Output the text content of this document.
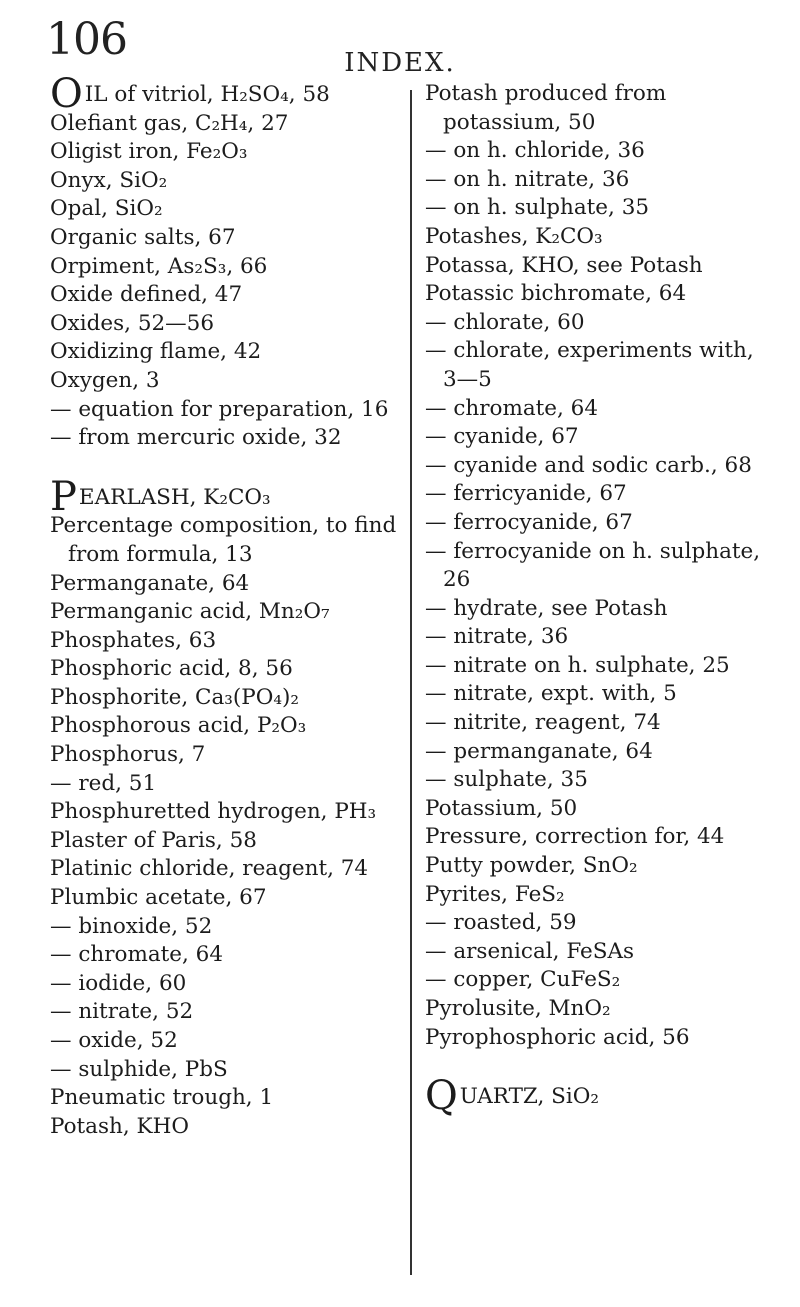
106	INDEX.

OIL of vitriol, H₂SO₄, 58

Olefiant gas, C₂H₄, 27

Oligist iron, Fe₂O₃

Onyx, SiO₂

Opal, SiO₂

Organic salts, 67

Orpiment, As₂S₃, 66

Oxide defined, 47

Oxides, 52—56

Oxidizing flame, 42

Oxygen, 3

— equation for preparation, 16

— from mercuric oxide, 32

PEARLASH, K₂CO₃

Percentage composition, to find from formula, 13

Permanganate, 64

Permanganic acid, Mn₂O₇

Phosphates, 63

Phosphoric acid, 8, 56

Phosphorite, Ca₃(PO₄)₂

Phosphorous acid, P₂O₃

Phosphorus, 7

— red, 51

Phosphuretted hydrogen, PH₃

Plaster of Paris, 58

Platinic chloride, reagent, 74

Plumbic acetate, 67

— binoxide, 52

— chromate, 64

— iodide, 60

— nitrate, 52

— oxide, 52

— sulphide, PbS

Pneumatic trough, 1

Potash, KHO

Potash produced from potassium, 50

— on h. chloride, 36

— on h. nitrate, 36

— on h. sulphate, 35

Potashes, K₂CO₃

Potassa, KHO, see Potash

Potassic bichromate, 64

— chlorate, 60

— chlorate, experiments with, 3—5

— chromate, 64

— cyanide, 67

— cyanide and sodic carb., 68

— ferricyanide, 67

— ferrocyanide, 67

— ferrocyanide on h. sulphate, 26

— hydrate, see Potash

— nitrate, 36

— nitrate on h. sulphate, 25

— nitrate, expt. with, 5

— nitrite, reagent, 74

— permanganate, 64

— sulphate, 35

Potassium, 50

Pressure, correction for, 44

Putty powder, SnO₂

Pyrites, FeS₂

— roasted, 59

— arsenical, FeSAs

— copper, CuFeS₂

Pyrolusite, MnO₂

Pyrophosphoric acid, 56

QUARTZ, SiO₂
